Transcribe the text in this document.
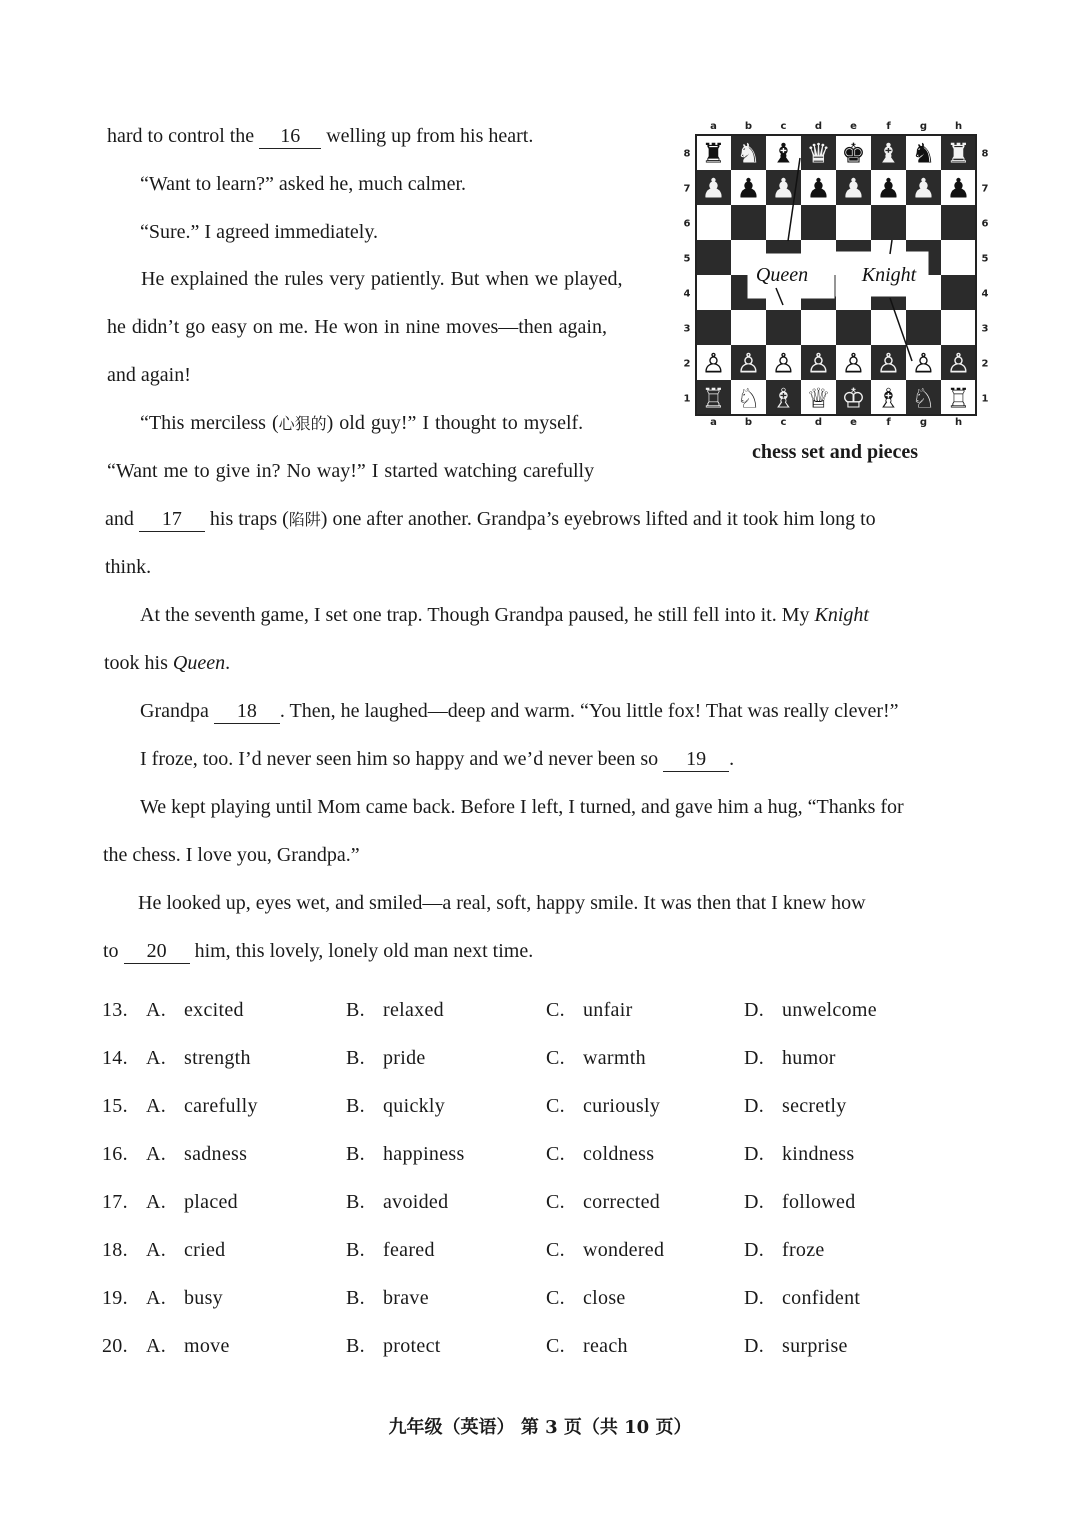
hard to control the 16 welling up from his heart.
“Want to learn?” asked he, much calmer.
“Sure.” I agreed immediately.
He explained the rules very patiently. But when we played,
he didn’t go easy on me. He won in nine moves—then again,
and again!
“This merciless (心狠的) old guy!” I thought to myself.
“Want me to give in? No way!” I started watching carefully
and 17 his traps (陷阱) one after another. Grandpa’s eyebrows lifted and it took him long to
think.
At the seventh game, I set one trap. Though Grandpa paused, he still fell into it. My Knight
took his Queen.
Grandpa 18 . Then, he laughed—deep and warm. “You little fox! That was really clever!”
I froze, too. I’d never seen him so happy and we’d never been so 19 .
We kept playing until Mom came back. Before I left, I turned, and gave him a hug, “Thanks for
the chess. I love you, Grandpa.”
He looked up, eyes wet, and smiled—a real, soft, happy smile. It was then that I knew how
to 20 him, this lovely, lonely old man next time.
♜ ♞ ♝ ♛ ♚ ♝ ♞ ♜
♟ ♟ ♟ ♟ ♟ ♟ ♟ ♟
♙ ♙ ♙ ♙ ♙ ♙ ♙ ♙
♖ ♘ ♗ ♕ ♔ ♗ ♘ ♖
8	8
7	7
6	6
5	5
4	4
3	3
2	2
1	1
a
a
b
b
c
c
d
d
e
e
f
f
g
g
h
h
Queen	Knight
chess set and pieces
13. A. excited	B. relaxed	C. unfair	D. unwelcome
14. A. strength	B. pride	C. warmth	D. humor
15. A. carefully	B. quickly	C. curiously	D. secretly
16. A. sadness	B. happiness	C. coldness	D. kindness
17. A. placed	B. avoided	C. corrected	D. followed
18. A. cried	B. feared	C. wondered	D. froze
19. A. busy	B. brave	C. close	D. confident
20. A. move	B. protect	C. reach	D. surprise
九年级（英语） 第 3 页（共 10 页）
